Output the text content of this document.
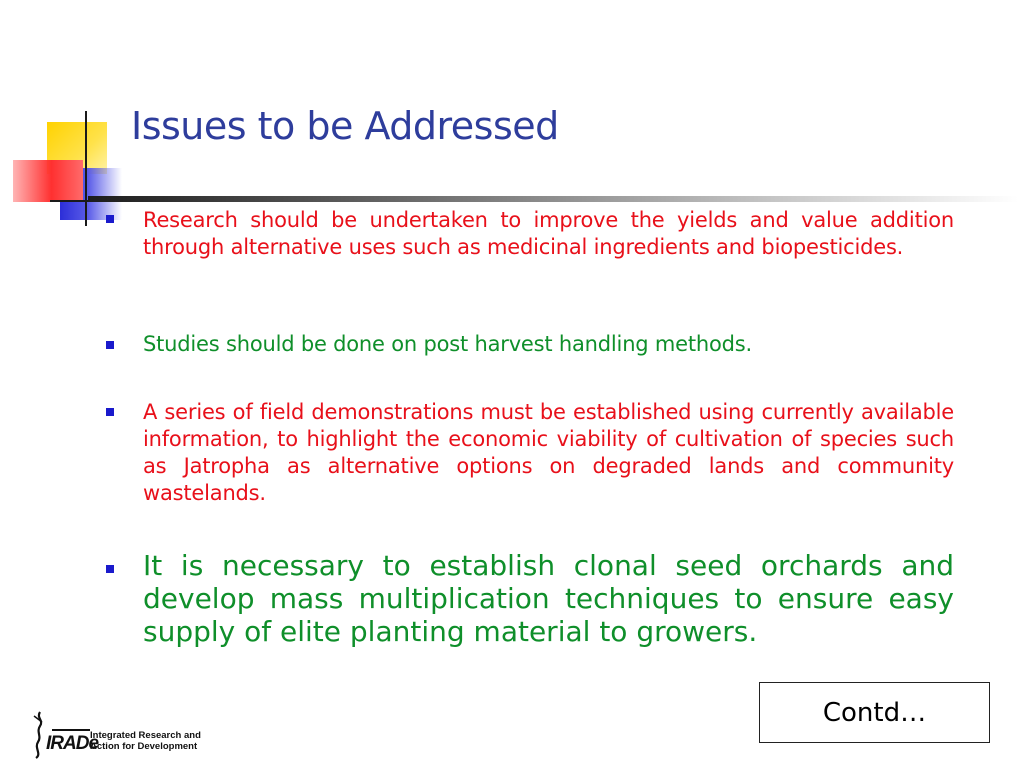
Issues to be Addressed
Research should be undertaken to improve the yields and value addition through alternative uses such as medicinal ingredients and biopesticides.
Studies should be done on post harvest handling methods.
A series of field demonstrations must be established using currently available information, to highlight the economic viability of cultivation of species such as Jatropha as alternative options on degraded lands and community wastelands.
It is necessary to establish clonal seed orchards and develop mass multiplication techniques to ensure easy supply of elite planting material to growers.
Contd…
IRADe
Integrated Research and
Action for Development
